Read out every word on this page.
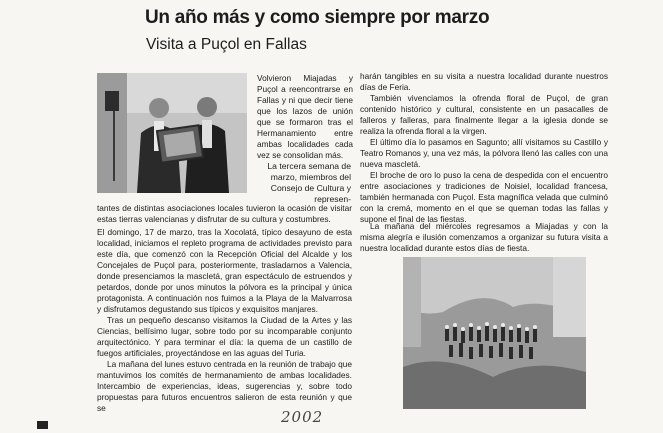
Un año más y como siempre por marzo
Visita a Puçol en Fallas
Volvieron Miajadas y Puçol a reencontrarse en Fallas y ni que decir tiene que los lazos de unión que se formaron tras el Hermanamiento entre ambas localidades cada vez se consolidan más.
La tercera semana de marzo, miembros del Consejo de Cultura y represen-
tantes de distintas asociaciones locales tuvieron la ocasión de visitar estas tierras valencianas y disfrutar de su cultura y costumbres.

El domingo, 17 de marzo, tras la Xocolatá, típico desayuno de esta localidad, iniciamos el repleto programa de actividades previsto para este día, que comenzó con la Recepción Oficial del Alcalde y los Concejales de Puçol para, posteriormente, trasladarnos a Valencia, donde presenciamos la mascletá, gran espectáculo de estruendos y petardos, donde por unos minutos la pólvora es la principal y única protagonista. A continuación nos fuimos a la Playa de la Malvarrosa y disfrutamos degustando sus típicos y exquisitos manjares.

Tras un pequeño descanso visitamos la Ciudad de la Artes y las Ciencias, bellísimo lugar, sobre todo por su incomparable conjunto arquitectónico. Y para terminar el día: la quema de un castillo de fuegos artificiales, proyectándose en las aguas del Turia.

La mañana del lunes estuvo centrada en la reunión de trabajo que mantuvimos los comités de hermanamiento de ambas localidades. Intercambio de experiencias, ideas, sugerencias y, sobre todo propuestas para futuros encuentros salieron de esta reunión y que se

harán tangibles en su visita a nuestra localidad durante nuestros días de Feria.

También vivenciamos la ofrenda floral de Puçol, de gran contenido histórico y cultural, consistente en un pasacalles de falleros y falleras, para finalmente llegar a la iglesia donde se realiza la ofrenda floral a la virgen.

El último día lo pasamos en Sagunto; allí visitamos su Castillo y Teatro Romanos y, una vez más, la pólvora llenó las calles con una nueva mascletá.

El broche de oro lo puso la cena de despedida con el encuentro entre asociaciones y tradiciones de Noisiel, localidad francesa, también hermanada con Puçol. Esta magnífica velada que culminó con la cremá, momento en el que se queman todas las fallas y supone el final de las fiestas.

La mañana del miércoles regresamos a Miajadas y con la misma alegría e ilusión comenzamos a organizar su futura visita a nuestra localidad durante estos días de fiesta.

2002
